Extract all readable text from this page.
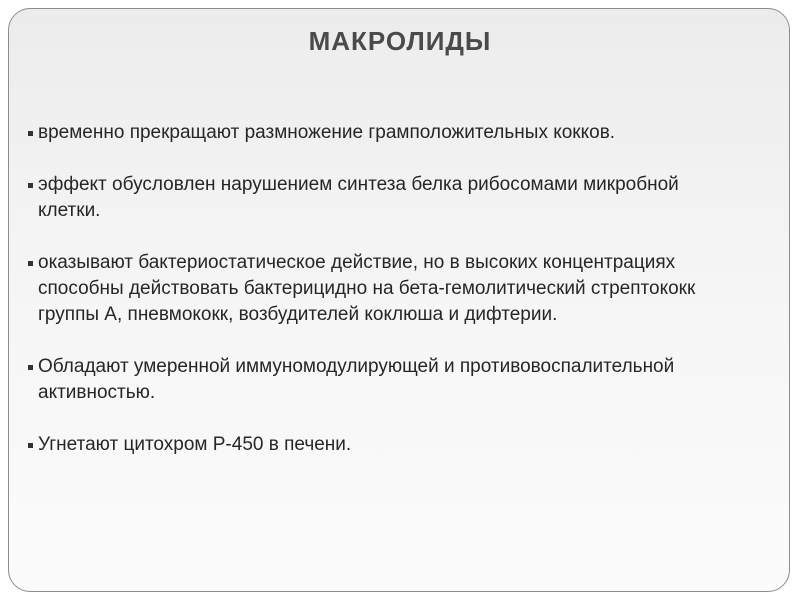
МАКРОЛИДЫ
временно прекращают размножение грамположительных кокков.
эффект обусловлен нарушением синтеза белка рибосомами микробной клетки.
оказывают бактериостатическое действие, но в высоких концентрациях способны действовать бактерицидно на бета-гемолитический стрептококк группы А, пневмококк, возбудителей коклюша и дифтерии.
Обладают умеренной иммуномодулирующей и противовоспалительной активностью.
Угнетают цитохром Р-450 в печени.
